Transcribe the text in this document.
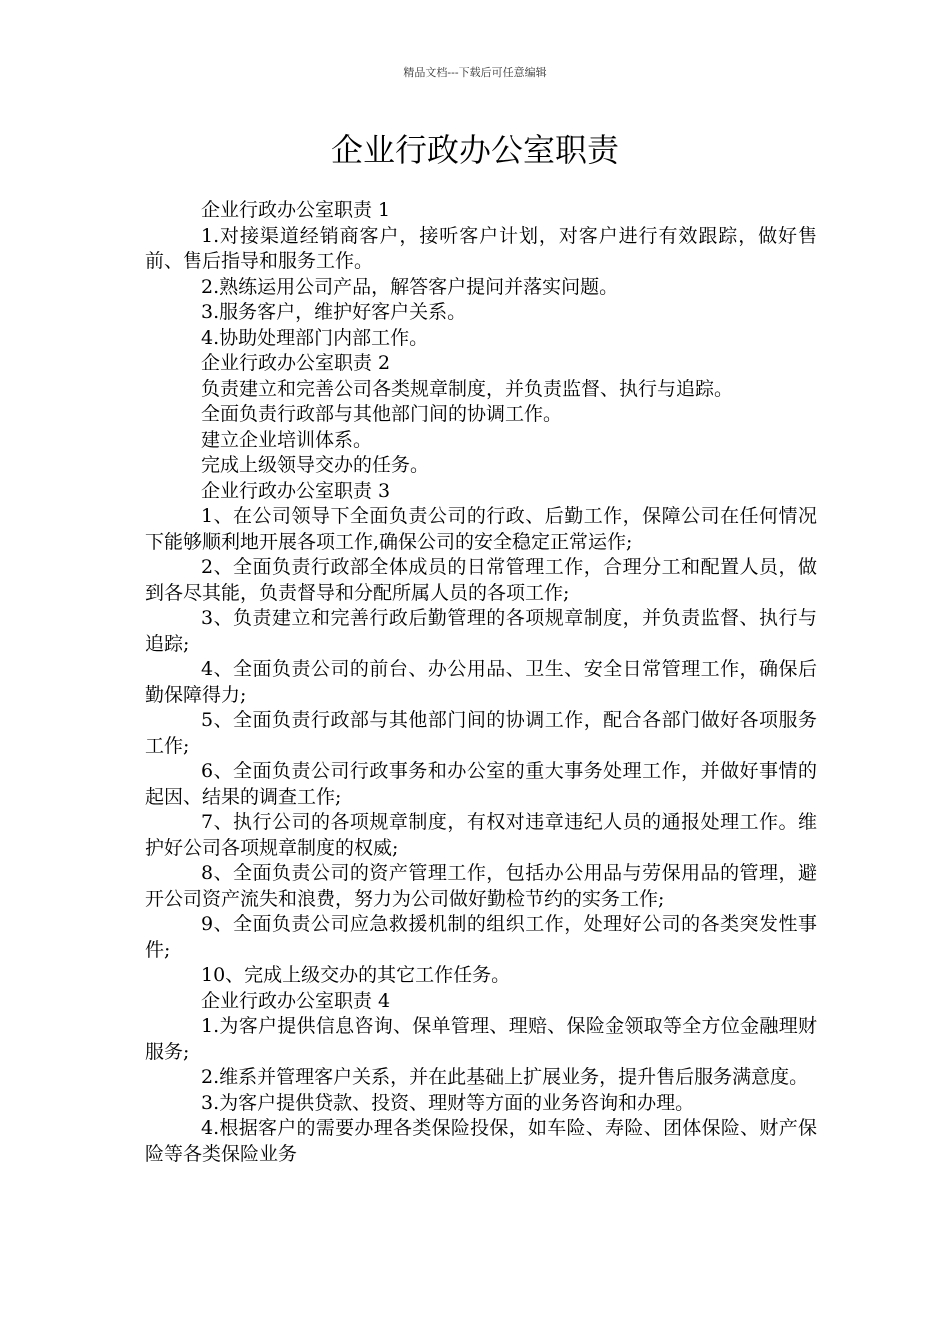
精品文档---下载后可任意编辑
企业行政办公室职责

企业行政办公室职责 1

1.对接渠道经销商客户，接听客户计划，对客户进行有效跟踪，做好售前、售后指导和服务工作。

2.熟练运用公司产品，解答客户提问并落实问题。

3.服务客户，维护好客户关系。

4.协助处理部门内部工作。

企业行政办公室职责 2

负责建立和完善公司各类规章制度，并负责监督、执行与追踪。

全面负责行政部与其他部门间的协调工作。

建立企业培训体系。

完成上级领导交办的任务。

企业行政办公室职责 3

1、在公司领导下全面负责公司的行政、后勤工作，保障公司在任何情况下能够顺利地开展各项工作,确保公司的安全稳定正常运作;

2、全面负责行政部全体成员的日常管理工作，合理分工和配置人员，做到各尽其能，负责督导和分配所属人员的各项工作;

3、负责建立和完善行政后勤管理的各项规章制度，并负责监督、执行与追踪;

4、全面负责公司的前台、办公用品、卫生、安全日常管理工作，确保后勤保障得力;

5、全面负责行政部与其他部门间的协调工作，配合各部门做好各项服务工作;

6、全面负责公司行政事务和办公室的重大事务处理工作，并做好事情的起因、结果的调查工作;

7、执行公司的各项规章制度，有权对违章违纪人员的通报处理工作。维护好公司各项规章制度的权威;

8、全面负责公司的资产管理工作，包括办公用品与劳保用品的管理，避开公司资产流失和浪费，努力为公司做好勤检节约的实务工作;

9、全面负责公司应急救援机制的组织工作，处理好公司的各类突发性事件;

10、完成上级交办的其它工作任务。

企业行政办公室职责 4

1.为客户提供信息咨询、保单管理、理赔、保险金领取等全方位金融理财服务;

2.维系并管理客户关系，并在此基础上扩展业务，提升售后服务满意度。

3.为客户提供贷款、投资、理财等方面的业务咨询和办理。

4.根据客户的需要办理各类保险投保，如车险、寿险、团体保险、财产保险等各类保险业务
